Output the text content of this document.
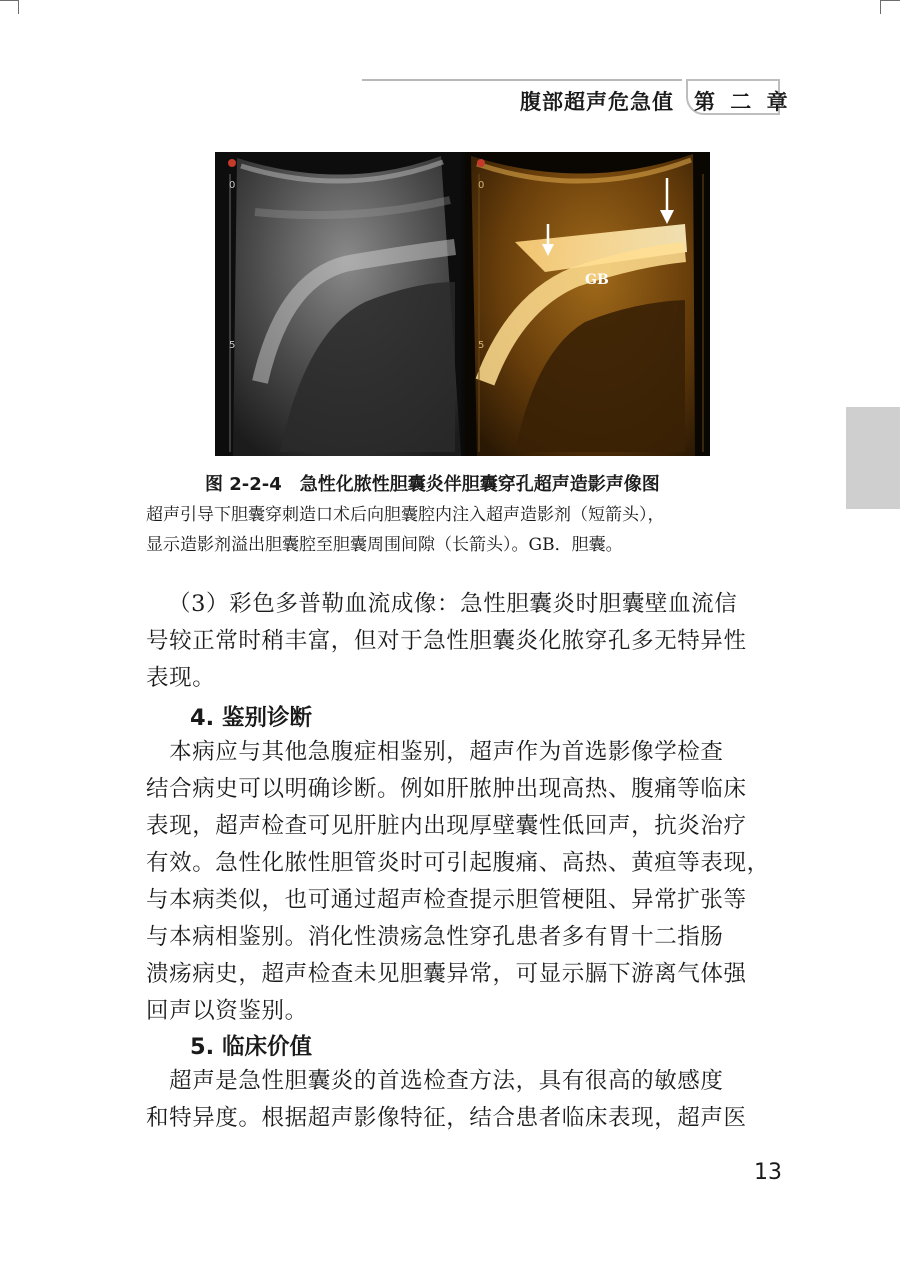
腹部超声危急值 第 二 章
0
5
GB
0
5
图 2-2-4　急性化脓性胆囊炎伴胆囊穿孔超声造影声像图
超声引导下胆囊穿刺造口术后向胆囊腔内注入超声造影剂（短箭头），
显示造影剂溢出胆囊腔至胆囊周围间隙（长箭头）。GB．胆囊。
（3）彩色多普勒血流成像：急性胆囊炎时胆囊壁血流信
号较正常时稍丰富，但对于急性胆囊炎化脓穿孔多无特异性
表现。
4. 鉴别诊断
　本病应与其他急腹症相鉴别，超声作为首选影像学检查
结合病史可以明确诊断。例如肝脓肿出现高热、腹痛等临床
表现，超声检查可见肝脏内出现厚壁囊性低回声，抗炎治疗
有效。急性化脓性胆管炎时可引起腹痛、高热、黄疸等表现，
与本病类似，也可通过超声检查提示胆管梗阻、异常扩张等
与本病相鉴别。消化性溃疡急性穿孔患者多有胃十二指肠
溃疡病史，超声检查未见胆囊异常，可显示膈下游离气体强
回声以资鉴别。
5. 临床价值
　超声是急性胆囊炎的首选检查方法，具有很高的敏感度
和特异度。根据超声影像特征，结合患者临床表现，超声医
13
